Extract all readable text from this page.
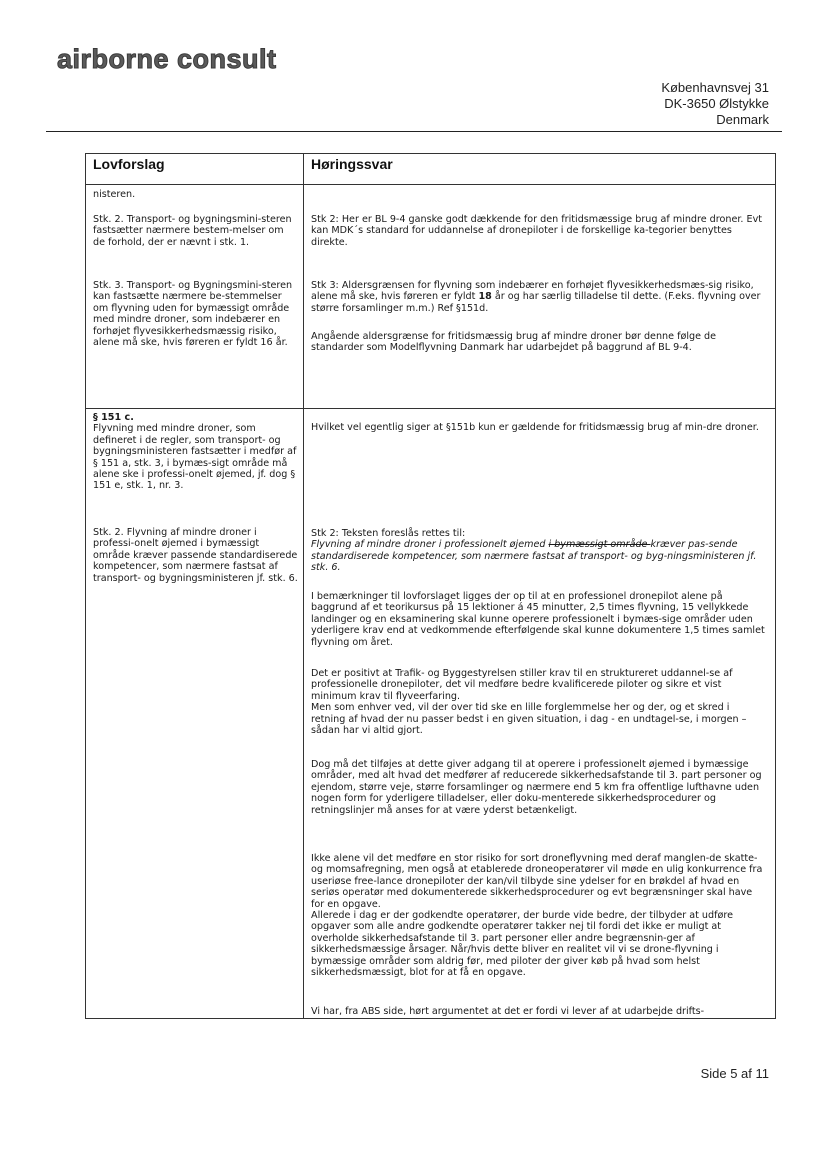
airborne consult
Københavnsvej 31
DK-3650 Ølstykke
Denmark
Lovforslag	Høringssvar
nisteren.
Stk. 2. Transport- og bygningsmini-steren fastsætter nærmere bestem-melser om de forhold, der er nævnt i stk. 1.
Stk. 3. Transport- og Bygningsmini-steren kan fastsætte nærmere be-stemmelser om flyvning uden for bymæssigt område med mindre droner, som indebærer en forhøjet flyvesikkerhedsmæssig risiko, alene må ske, hvis føreren er fyldt 16 år.
§ 151 c.
Flyvning med mindre droner, som defineret i de regler, som transport- og bygningsministeren fastsætter i medfør af § 151 a, stk. 3, i bymæs-sigt område må alene ske i professi-onelt øjemed, jf. dog § 151 e, stk. 1, nr. 3.
Stk. 2. Flyvning af mindre droner i professi-onelt øjemed i bymæssigt område kræver passende standardiserede kompetencer, som nærmere fastsat af transport- og bygningsministeren jf. stk. 6.
Stk 2: Her er BL 9-4 ganske godt dækkende for den fritidsmæssige brug af mindre droner. Evt kan MDK´s standard for uddannelse af dronepiloter i de forskellige ka-tegorier benyttes direkte.
Stk 3: Aldersgrænsen for flyvning som indebærer en forhøjet flyvesikkerhedsmæs-sig risiko, alene må ske, hvis føreren er fyldt 18 år og har særlig tilladelse til dette. (F.eks. flyvning over større forsamlinger m.m.) Ref §151d.
Angående aldersgrænse for fritidsmæssig brug af mindre droner bør denne følge de standarder som Modelflyvning Danmark har udarbejdet på baggrund af BL 9-4.
Hvilket vel egentlig siger at §151b kun er gældende for fritidsmæssig brug af min-dre droner.
Stk 2: Teksten foreslås rettes til:
Flyvning af mindre droner i professionelt øjemed i bymæssigt område kræver pas-sende standardiserede kompetencer, som nærmere fastsat af transport- og byg-ningsministeren jf. stk. 6.
I bemærkninger til lovforslaget ligges der op til at en professionel dronepilot alene på baggrund af et teorikursus på 15 lektioner á 45 minutter, 2,5 times flyvning, 15 vellykkede landinger og en eksaminering skal kunne operere professionelt i bymæs-sige områder uden yderligere krav end at vedkommende efterfølgende skal kunne dokumentere 1,5 times samlet flyvning om året.
Det er positivt at Trafik- og Byggestyrelsen stiller krav til en struktureret uddannel-se af professionelle dronepiloter, det vil medføre bedre kvalificerede piloter og sikre et vist minimum krav til flyveerfaring.
Men som enhver ved, vil der over tid ske en lille forglemmelse her og der, og et skred i retning af hvad der nu passer bedst i en given situation, i dag - en undtagel-se, i morgen – sådan har vi altid gjort.
Dog må det tilføjes at dette giver adgang til at operere i professionelt øjemed i bymæssige områder, med alt hvad det medfører af reducerede sikkerhedsafstande til 3. part personer og ejendom, større veje, større forsamlinger og nærmere end 5 km fra offentlige lufthavne uden nogen form for yderligere tilladelser, eller doku-menterede sikkerhedsprocedurer og retningslinjer må anses for at være yderst betænkeligt.
Ikke alene vil det medføre en stor risiko for sort droneflyvning med deraf manglen-de skatte- og momsafregning, men også at etablerede droneoperatører vil møde en ulig konkurrence fra useriøse free-lance dronepiloter der kan/vil tilbyde sine ydelser for en brøkdel af hvad en seriøs operatør med dokumenterede sikkerhedsprocedurer og evt begrænsninger skal have for en opgave.
Allerede i dag er der godkendte operatører, der burde vide bedre, der tilbyder at udføre opgaver som alle andre godkendte operatører takker nej til fordi det ikke er muligt at overholde sikkerhedsafstande til 3. part personer eller andre begrænsnin-ger af sikkerhedsmæssige årsager. Når/hvis dette bliver en realitet vil vi se drone-flyvning i bymæssige områder som aldrig før, med piloter der giver køb på hvad som helst sikkerhedsmæssigt, blot for at få en opgave.
Vi har, fra ABS side, hørt argumentet at det er fordi vi lever af at udarbejde drifts-
Side 5 af 11
